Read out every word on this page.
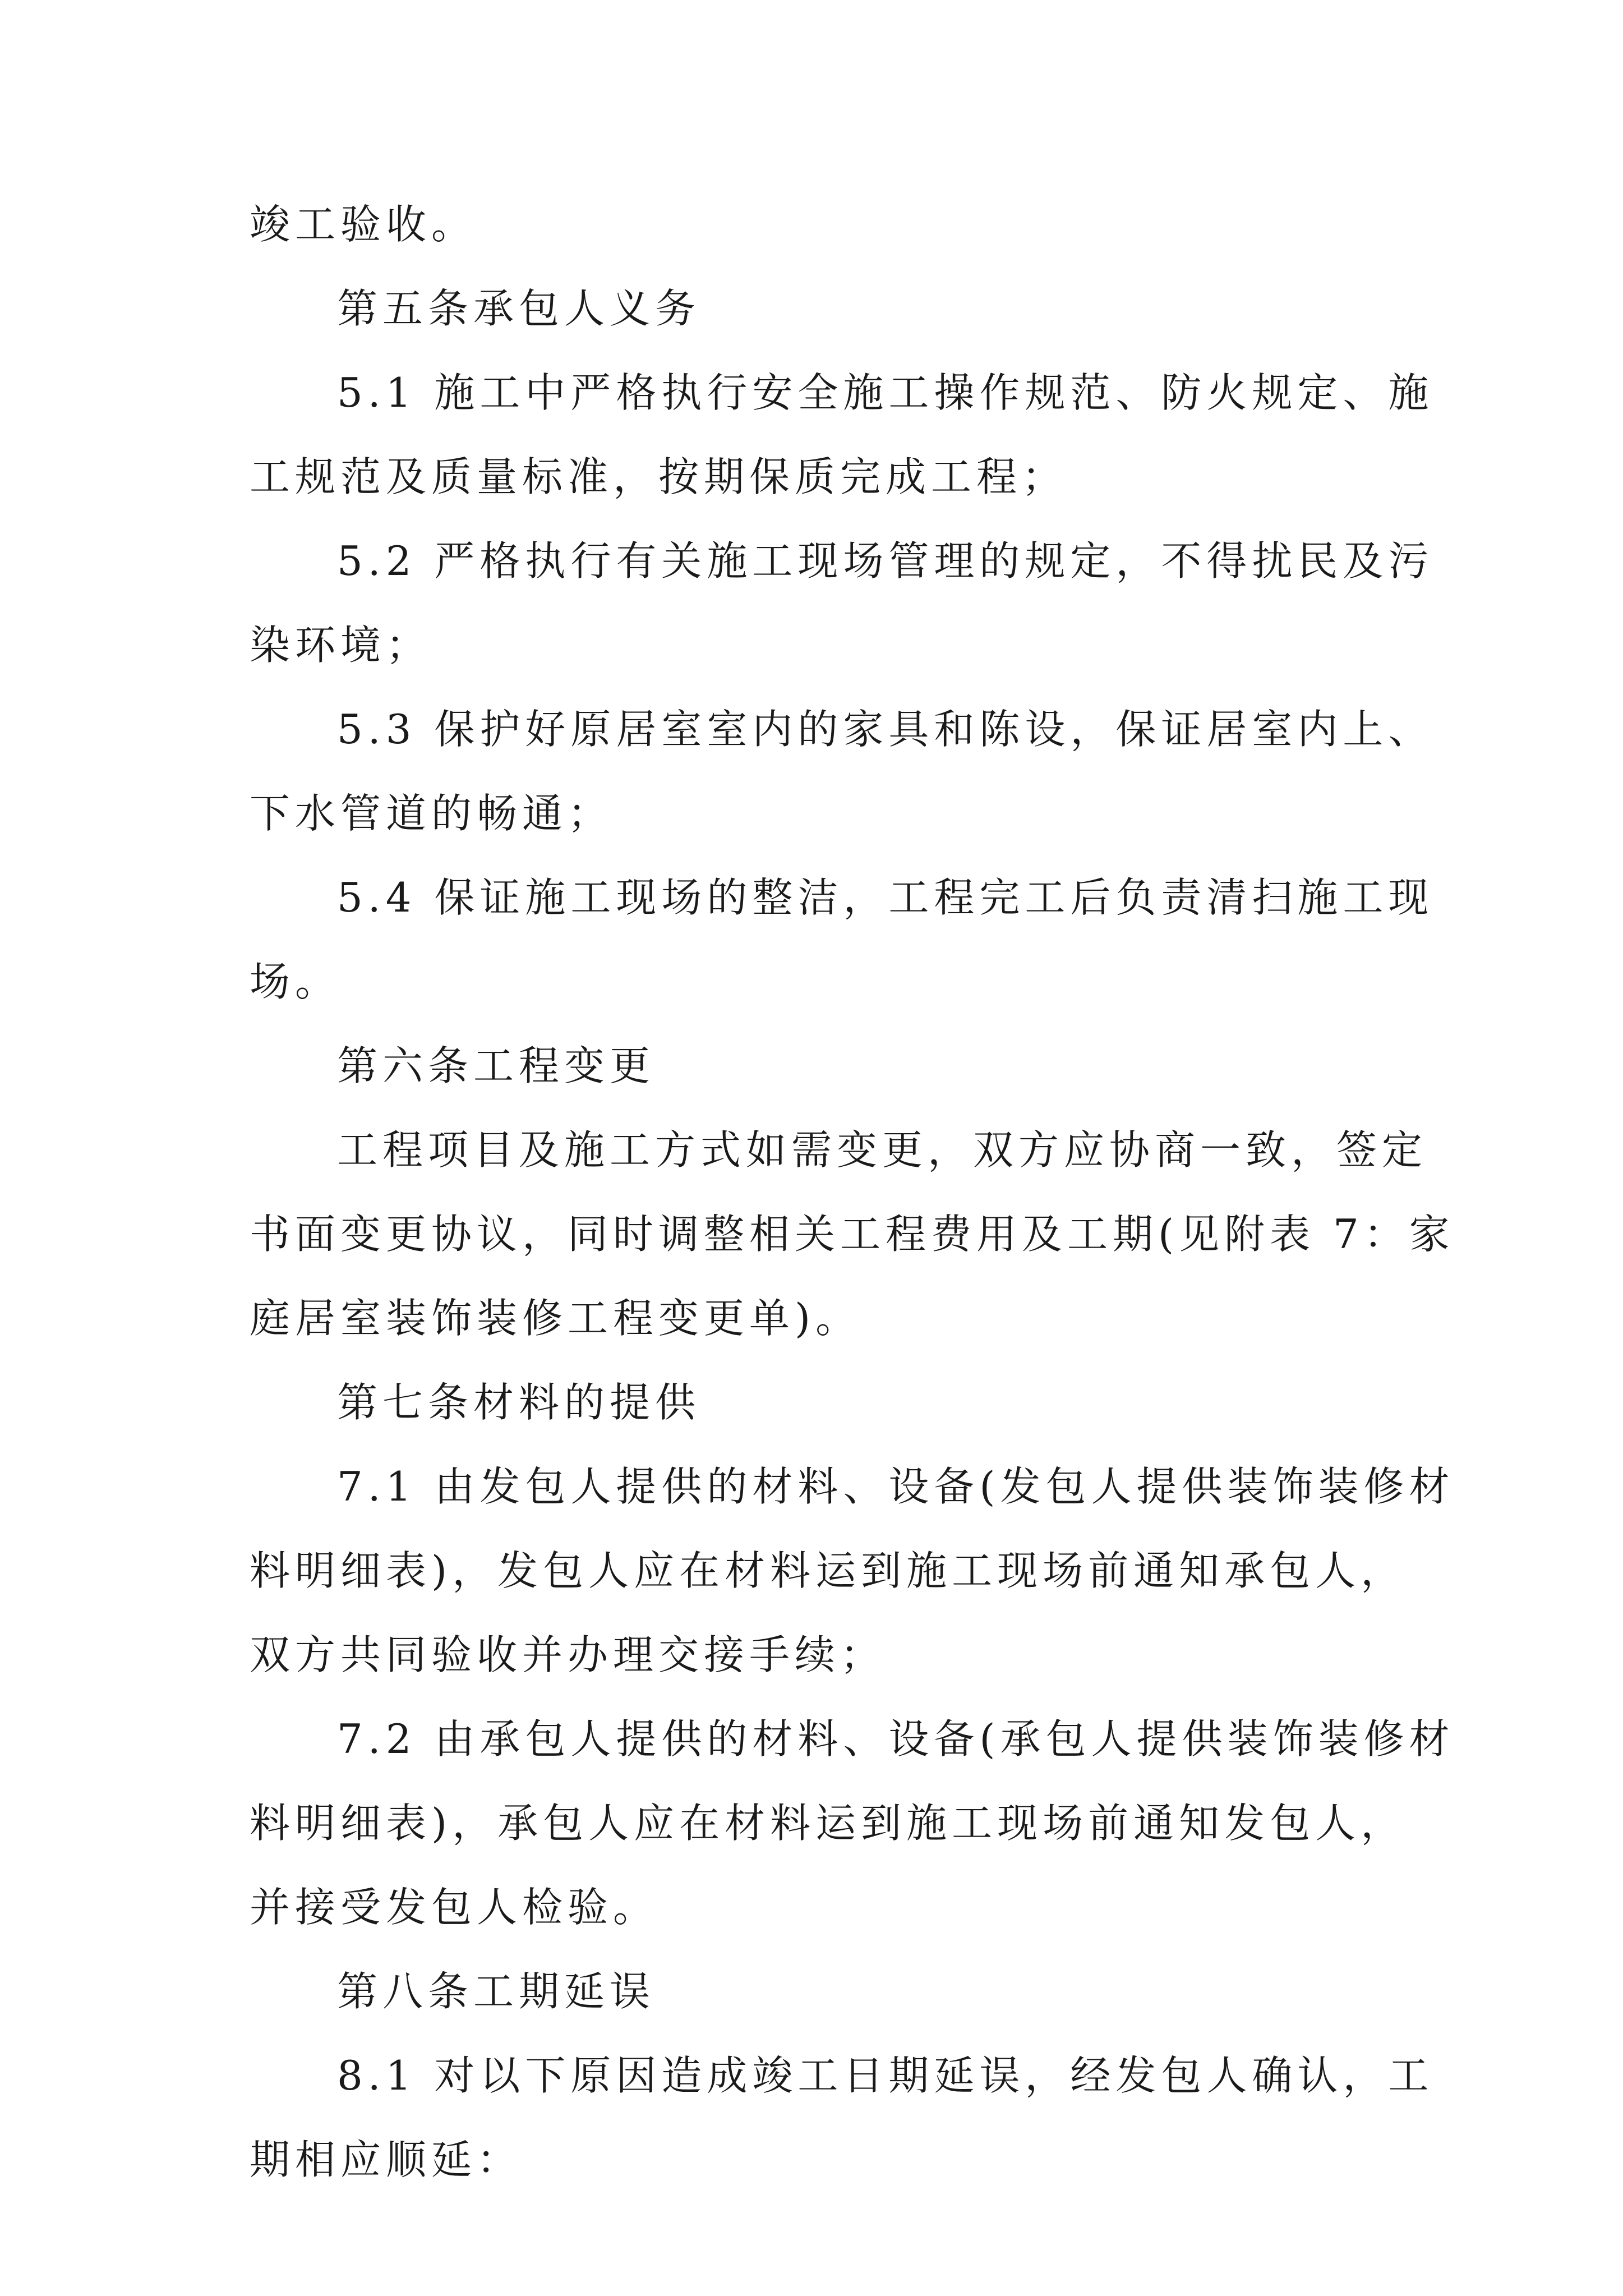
竣工验收。
第五条承包人义务
5.1 施工中严格执行安全施工操作规范、防火规定、施
工规范及质量标准，按期保质完成工程；
5.2 严格执行有关施工现场管理的规定，不得扰民及污
染环境；
5.3 保护好原居室室内的家具和陈设，保证居室内上、
下水管道的畅通；
5.4 保证施工现场的整洁，工程完工后负责清扫施工现
场。
第六条工程变更
工程项目及施工方式如需变更，双方应协商一致，签定
书面变更协议，同时调整相关工程费用及工期(见附表 7：家
庭居室装饰装修工程变更单)。
第七条材料的提供
7.1 由发包人提供的材料、设备(发包人提供装饰装修材
料明细表)，发包人应在材料运到施工现场前通知承包人，
双方共同验收并办理交接手续；
7.2 由承包人提供的材料、设备(承包人提供装饰装修材
料明细表)，承包人应在材料运到施工现场前通知发包人，
并接受发包人检验。
第八条工期延误
8.1 对以下原因造成竣工日期延误，经发包人确认，工
期相应顺延：
